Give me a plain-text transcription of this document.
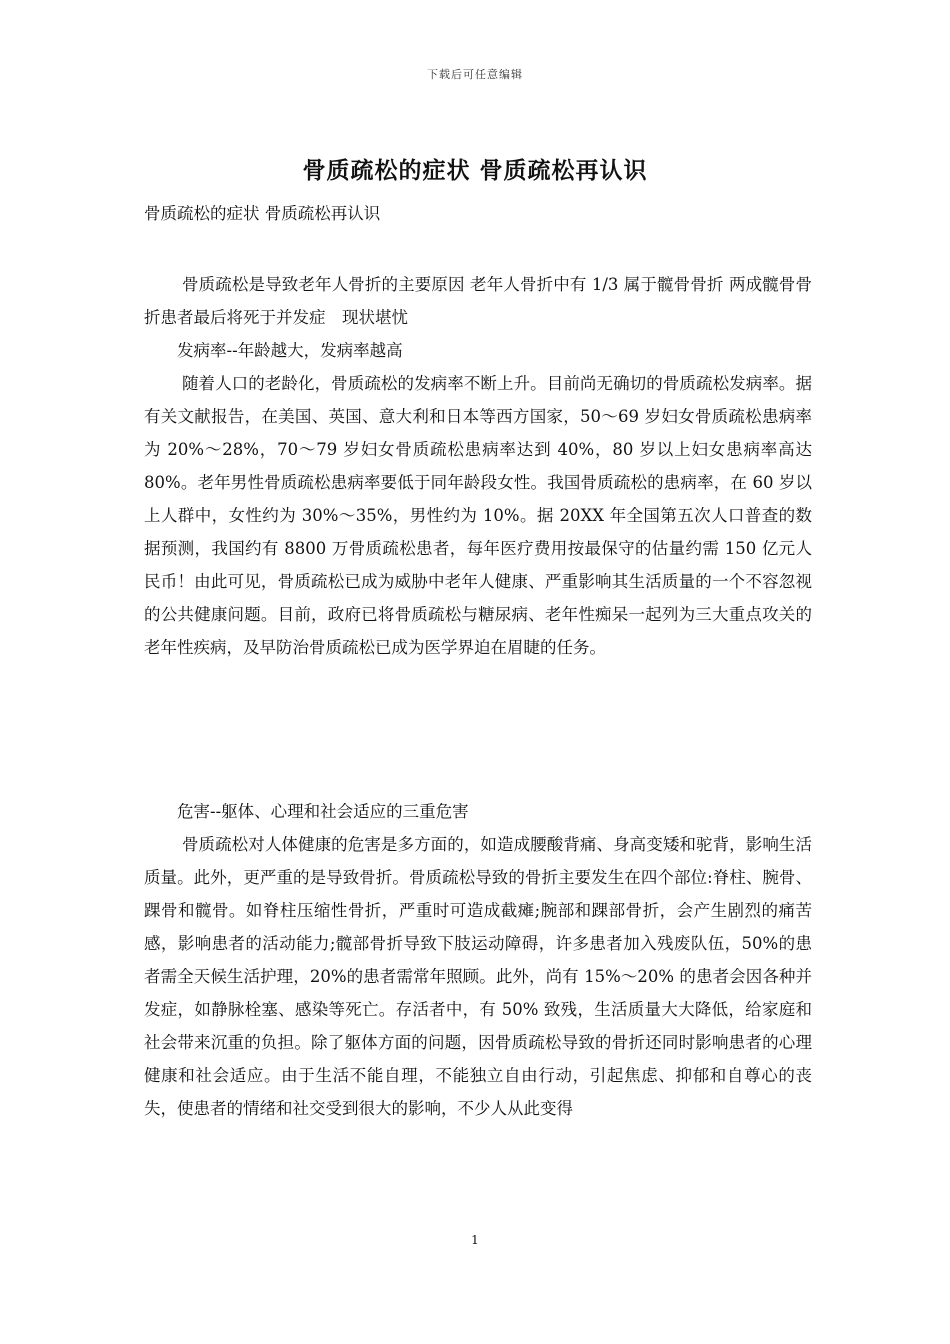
下载后可任意编辑
骨质疏松的症状 骨质疏松再认识
骨质疏松的症状 骨质疏松再认识

骨质疏松是导致老年人骨折的主要原因 老年人骨折中有 1/3 属于髋骨骨折 两成髋骨骨折患者最后将死于并发症　现状堪忧

发病率--年龄越大，发病率越高

随着人口的老龄化，骨质疏松的发病率不断上升。目前尚无确切的骨质疏松发病率。据有关文献报告，在美国、英国、意大利和日本等西方国家，50～69 岁妇女骨质疏松患病率为 20%～28%，70～79 岁妇女骨质疏松患病率达到 40%，80 岁以上妇女患病率高达 80%。老年男性骨质疏松患病率要低于同年龄段女性。我国骨质疏松的患病率，在 60 岁以上人群中，女性约为 30%～35%，男性约为 10%。据 20XX 年全国第五次人口普查的数据预测，我国约有 8800 万骨质疏松患者，每年医疗费用按最保守的估量约需 150 亿元人民币！由此可见，骨质疏松已成为威胁中老年人健康、严重影响其生活质量的一个不容忽视的公共健康问题。目前，政府已将骨质疏松与糖尿病、老年性痴呆一起列为三大重点攻关的老年性疾病，及早防治骨质疏松已成为医学界迫在眉睫的任务。

危害--躯体、心理和社会适应的三重危害

骨质疏松对人体健康的危害是多方面的，如造成腰酸背痛、身高变矮和驼背，影响生活质量。此外，更严重的是导致骨折。骨质疏松导致的骨折主要发生在四个部位:脊柱、腕骨、踝骨和髋骨。如脊柱压缩性骨折，严重时可造成截瘫;腕部和踝部骨折，会产生剧烈的痛苦感，影响患者的活动能力;髋部骨折导致下肢运动障碍，许多患者加入残废队伍，50%的患者需全天候生活护理，20%的患者需常年照顾。此外，尚有 15%～20% 的患者会因各种并发症，如静脉栓塞、感染等死亡。存活者中，有 50% 致残，生活质量大大降低，给家庭和社会带来沉重的负担。除了躯体方面的问题，因骨质疏松导致的骨折还同时影响患者的心理健康和社会适应。由于生活不能自理，不能独立自由行动，引起焦虑、抑郁和自尊心的丧失，使患者的情绪和社交受到很大的影响，不少人从此变得

1
